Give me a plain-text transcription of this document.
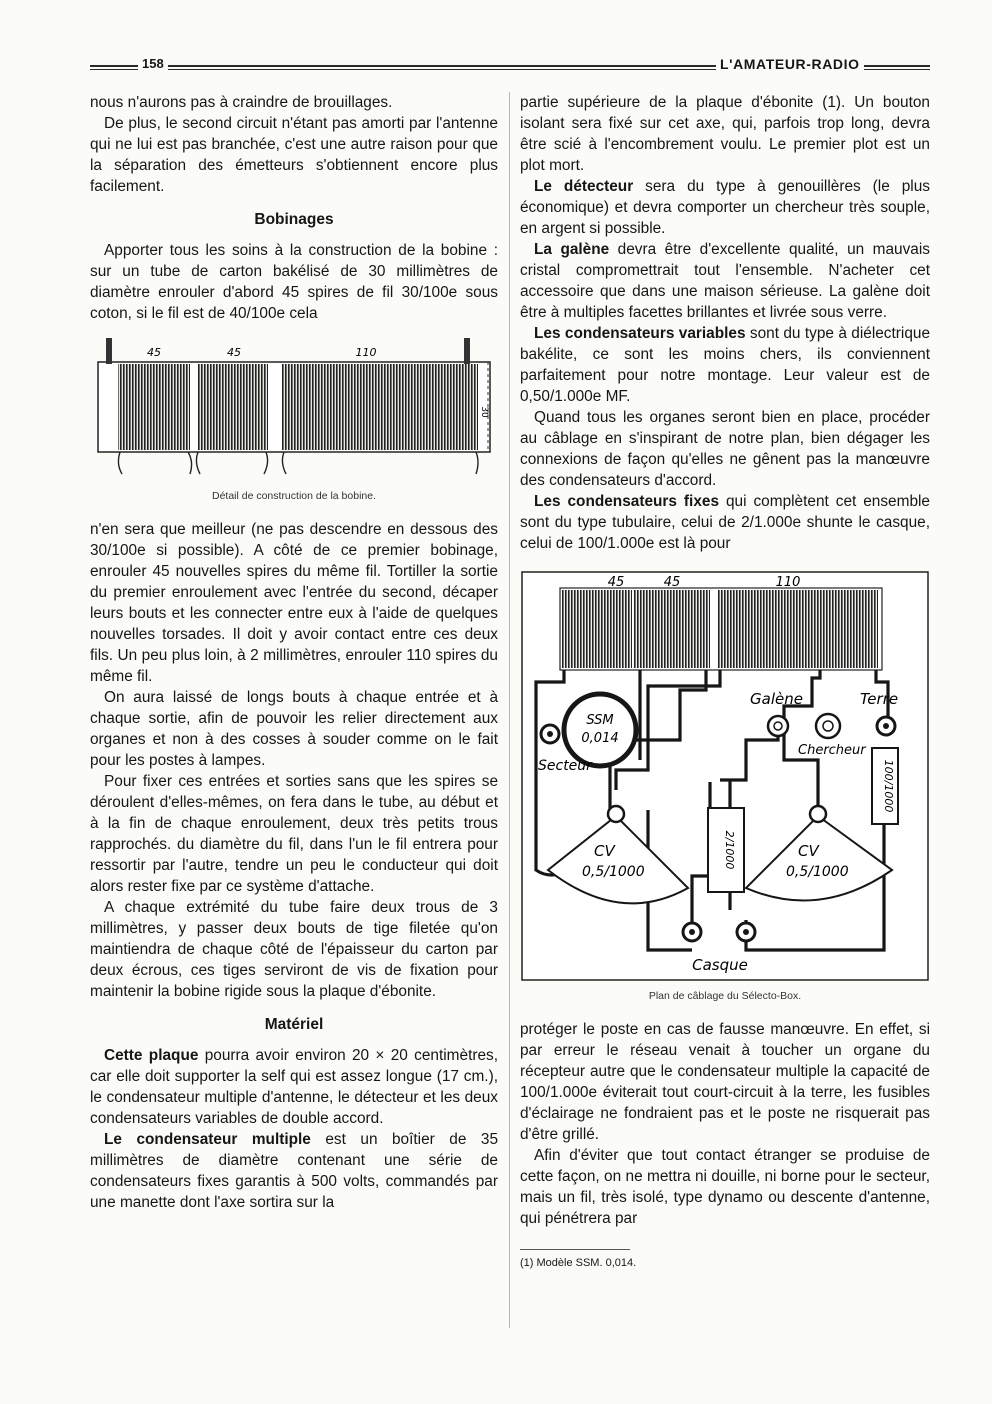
158	L'AMATEUR-RADIO

nous n'aurons pas à craindre de brouillages.

De plus, le second circuit n'étant pas amorti par l'antenne qui ne lui est pas branchée, c'est une autre raison pour que la séparation des émetteurs s'obtiennent encore plus facilement.

Bobinages

Apporter tous les soins à la construction de la bobine : sur un tube de carton bakélisé de 30 millimètres de diamètre enrouler d'abord 45 spires de fil 30/100e sous coton, si le fil est de 40/100e cela

45	45	110
30
Détail de construction de la bobine.

n'en sera que meilleur (ne pas descendre en dessous des 30/100e si possible). A côté de ce premier bobinage, enrouler 45 nouvelles spires du même fil. Tortiller la sortie du premier enroulement avec l'entrée du second, décaper leurs bouts et les connecter entre eux à l'aide de quelques nouvelles torsades. Il doit y avoir contact entre ces deux fils. Un peu plus loin, à 2 millimètres, enrouler 110 spires du même fil.

On aura laissé de longs bouts à chaque entrée et à chaque sortie, afin de pouvoir les relier directement aux organes et non à des cosses à souder comme on le fait pour les postes à lampes.

Pour fixer ces entrées et sorties sans que les spires se déroulent d'elles-mêmes, on fera dans le tube, au début et à la fin de chaque enroulement, deux très petits trous rapprochés. du diamètre du fil, dans l'un le fil entrera pour ressortir par l'autre, tendre un peu le conducteur qui doit alors rester fixe par ce système d'attache.

A chaque extrémité du tube faire deux trous de 3 millimètres, y passer deux bouts de tige filetée qu'on maintiendra de chaque côté de l'épaisseur du carton par deux écrous, ces tiges serviront de vis de fixation pour maintenir la bobine rigide sous la plaque d'ébonite.

Matériel

Cette plaque pourra avoir environ 20 × 20 centimètres, car elle doit supporter la self qui est assez longue (17 cm.), le condensateur multiple d'antenne, le détecteur et les deux condensateurs variables de double accord.

Le condensateur multiple est un boîtier de 35 millimètres de diamètre contenant une série de condensateurs fixes garantis à 500 volts, commandés par une manette dont l'axe sortira sur la

partie supérieure de la plaque d'ébonite (1). Un bouton isolant sera fixé sur cet axe, qui, parfois trop long, devra être scié à l'encombrement voulu. Le premier plot est un plot mort.

Le détecteur sera du type à genouillères (le plus économique) et devra comporter un chercheur très souple, en argent si possible.

La galène devra être d'excellente qualité, un mauvais cristal compromettrait tout l'ensemble. N'acheter cet accessoire que dans une maison sérieuse. La galène doit être à multiples facettes brillantes et livrée sous verre.

Les condensateurs variables sont du type à diélectrique bakélite, ce sont les moins chers, ils conviennent parfaitement pour notre montage. Leur valeur est de 0,50/1.000e MF.

Quand tous les organes seront bien en place, procéder au câblage en s'inspirant de notre plan, bien dégager les connexions de façon qu'elles ne gênent pas la manœuvre des condensateurs d'accord.

Les condensateurs fixes qui complètent cet ensemble sont du type tubulaire, celui de 2/1.000e shunte le casque, celui de 100/1.000e est là pour

45	45	110
SSM
0,014
Secteur
Galène
Chercheur
Terre
100/1000
2/1000
CV
0,5/1000
CV
0,5/1000
Casque
Plan de câblage du Sélecto-Box.

protéger le poste en cas de fausse manœuvre. En effet, si par erreur le réseau venait à toucher un organe du récepteur autre que le condensateur multiple la capacité de 100/1.000e éviterait tout court-circuit à la terre, les fusibles d'éclairage ne fondraient pas et le poste ne risquerait pas d'être grillé.

Afin d'éviter que tout contact étranger se produise de cette façon, on ne mettra ni douille, ni borne pour le secteur, mais un fil, très isolé, type dynamo ou descente d'antenne, qui pénétrera par

(1) Modèle SSM. 0,014.
